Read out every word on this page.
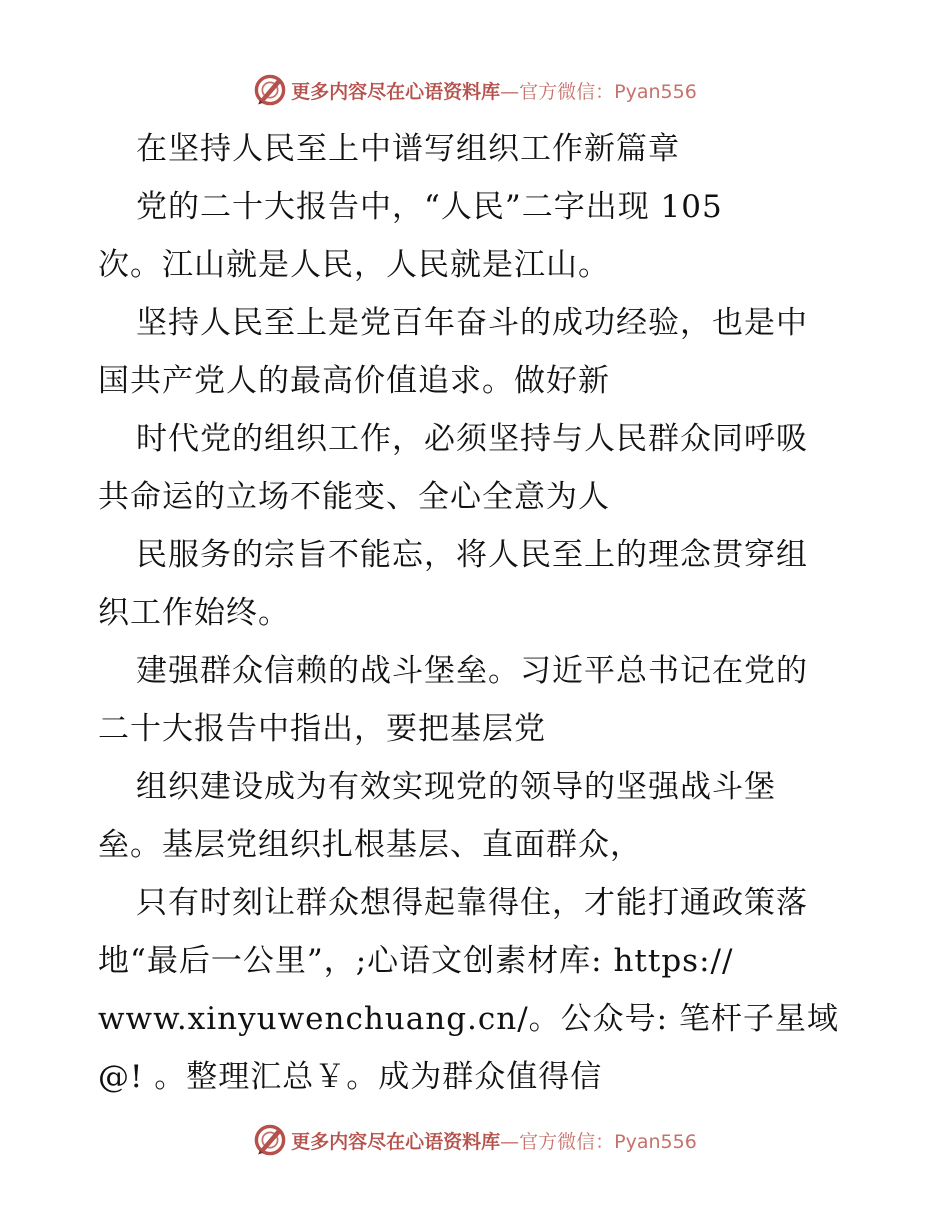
更多内容尽在心语资料库—官方微信：Pyan556
在坚持人民至上中谱写组织工作新篇章
党的二十大报告中，“人民”二字出现 105
次。江山就是人民，人民就是江山。
坚持人民至上是党百年奋斗的成功经验，也是中
国共产党人的最高价值追求。做好新
时代党的组织工作，必须坚持与人民群众同呼吸
共命运的立场不能变、全心全意为人
民服务的宗旨不能忘，将人民至上的理念贯穿组
织工作始终。
建强群众信赖的战斗堡垒。习近平总书记在党的
二十大报告中指出，要把基层党
组织建设成为有效实现党的领导的坚强战斗堡
垒。基层党组织扎根基层、直面群众，
只有时刻让群众想得起靠得住，才能打通政策落
地“最后一公里”，;心语文创素材库: https://
www.xinyuwenchuang.cn/。公众号: 笔杆子星域
@! 。整理汇总￥。成为群众值得信
更多内容尽在心语资料库—官方微信：Pyan556
